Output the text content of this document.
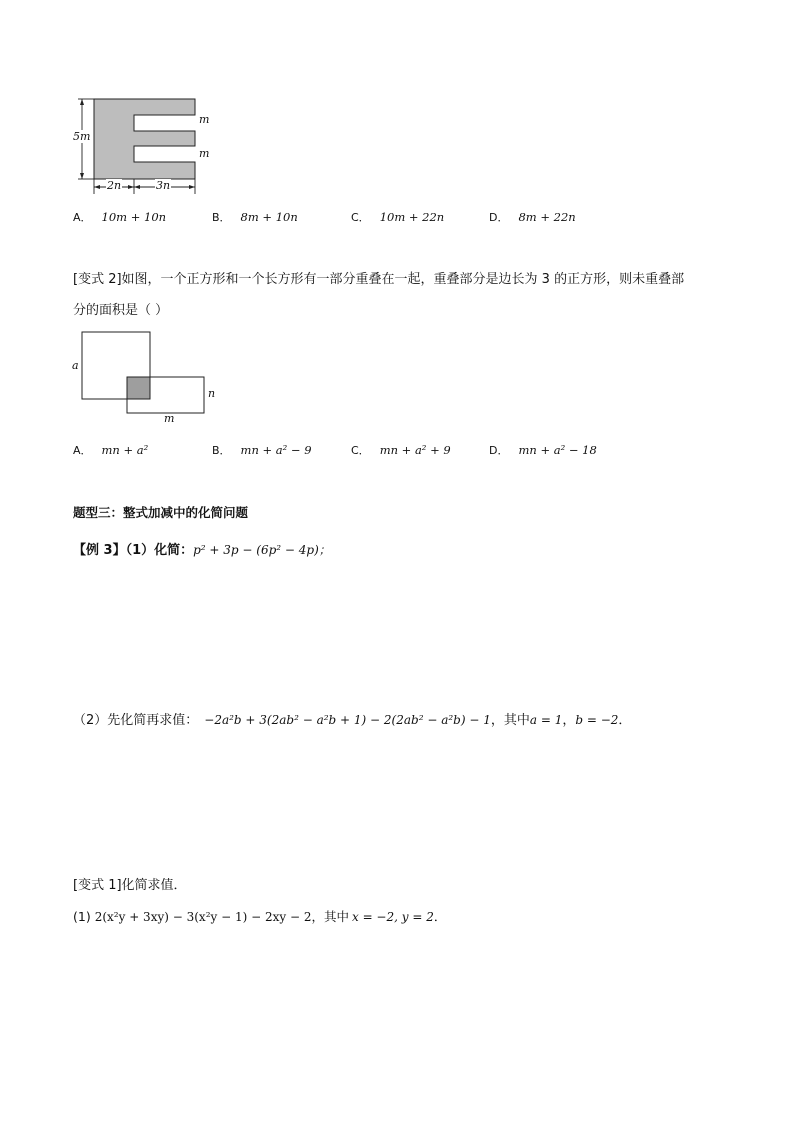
5m
m
m
2n	3n
A． 10m + 10n	B． 8m + 10n	C． 10m + 22n	D． 8m + 22n
[变式 2]如图，一个正方形和一个长方形有一部分重叠在一起，重叠部分是边长为 3 的正方形，则未重叠部
分的面积是（ ）
a
n
m
A． mn + a²	B． mn + a² − 9	C． mn + a² + 9	D． mn + a² − 18
题型三：整式加减中的化简问题
【例 3】（1）化简：p² + 3p − (6p² − 4p)；
（2）先化简再求值： −2a²b + 3(2ab² − a²b + 1) − 2(2ab² − a²b) − 1，其中a = 1，b = −2．
[变式 1]化简求值．
(1) 2(x²y + 3xy) − 3(x²y − 1) − 2xy − 2，其中 x = −2, y = 2．
